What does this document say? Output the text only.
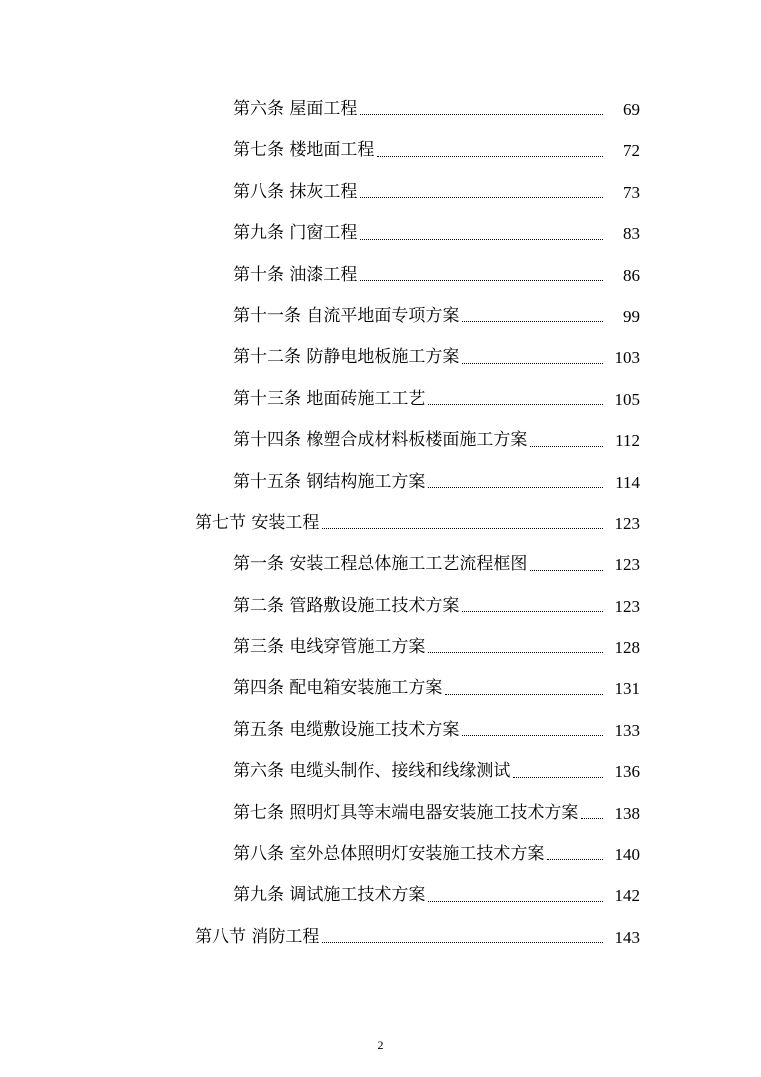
第六条 屋面工程	69
第七条 楼地面工程	72
第八条 抹灰工程	73
第九条 门窗工程	83
第十条 油漆工程	86
第十一条 自流平地面专项方案	99
第十二条 防静电地板施工方案	103
第十三条 地面砖施工工艺	105
第十四条 橡塑合成材料板楼面施工方案	112
第十五条 钢结构施工方案	114
第七节 安装工程	123
第一条 安装工程总体施工工艺流程框图	123
第二条 管路敷设施工技术方案	123
第三条 电线穿管施工方案	128
第四条 配电箱安装施工方案	131
第五条 电缆敷设施工技术方案	133
第六条 电缆头制作、接线和线缘测试	136
第七条 照明灯具等末端电器安装施工技术方案	138
第八条 室外总体照明灯安装施工技术方案	140
第九条 调试施工技术方案	142
第八节 消防工程	143
2
